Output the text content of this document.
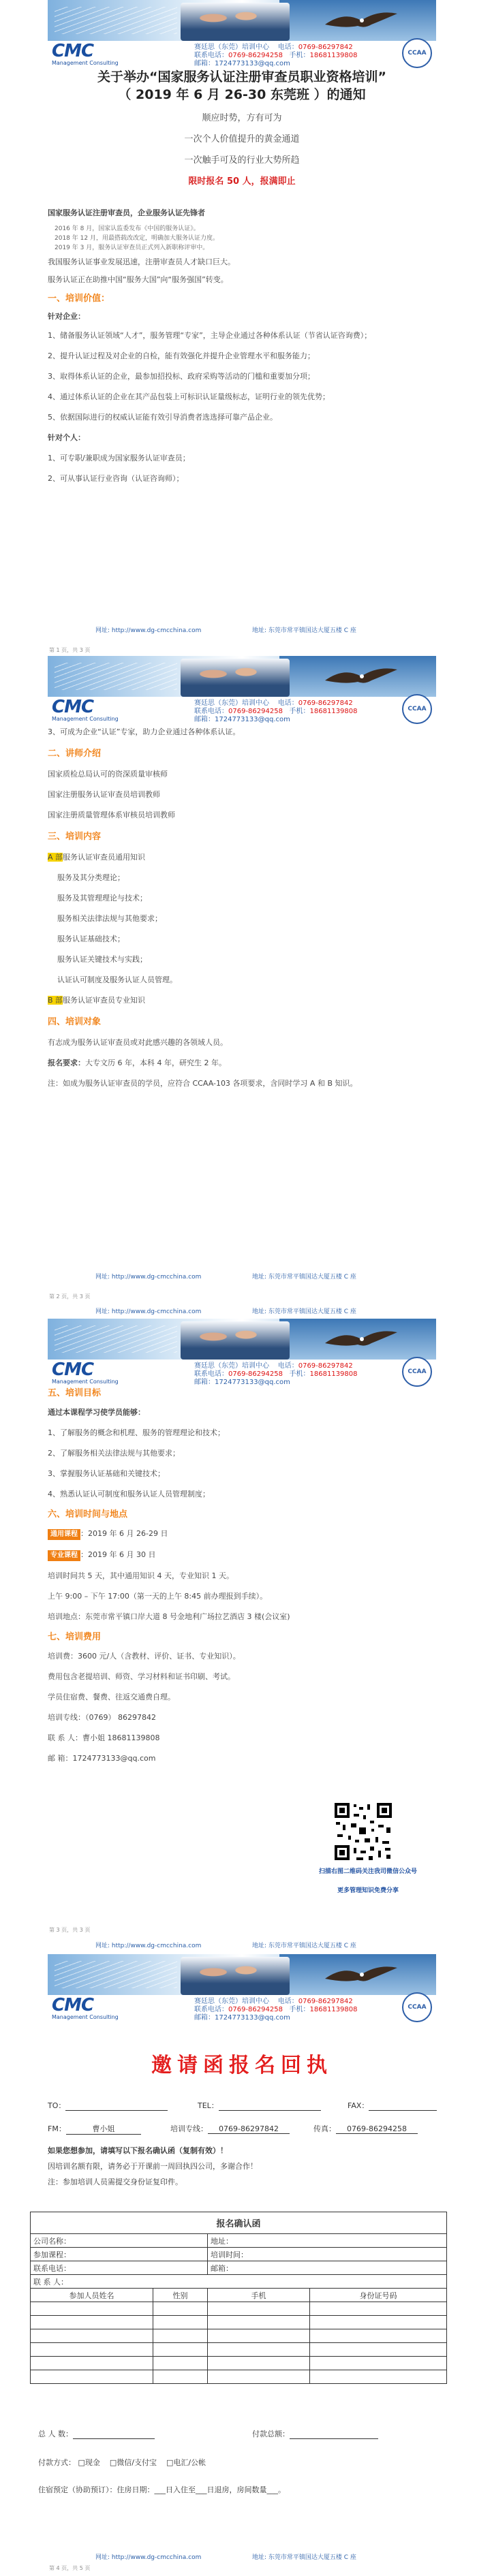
CMC
Management Consulting
赛廷思（东莞）培训中心 电话：0769-86297842
联系电话：0769-86294258 手机：18681139808
邮箱：1724773133@qq.com
CCAA
关于举办“国家服务认证注册审查员职业资格培训”
（ 2019 年 6 月 26-30 东莞班 ）的通知
顺应时势，方有可为
一次个人价值提升的黄金通道
一次触手可及的行业大势所趋
限时报名 50 人，报满即止
国家服务认证注册审查员，企业服务认证先锋者
2016 年 8 月，国家认监委发布《中国的服务认证》。
2018 年 12 月，用最搭载改改定，明确加大服务认证力度。
2019 年 3 月，服务认证审查员正式列入新职称评审中。
我国服务认证事业发展迅速，注册审查员人才缺口巨大。
服务认证正在助推中国“服务大国”向“服务强国”转变。
一、培训价值：
针对企业：
1、储备服务认证领域“人才”，服务管理“专家”，主导企业通过各种体系认证（节省认证咨询费）；
2、提升认证过程及对企业的自检，能有效强化并提升企业管理水平和服务能力；
3、取得体系认证的企业，最参加招投标、政府采购等活动的门槛和重要加分项；
4、通过体系认证的企业在其产品包装上可标识认证量级标志，证明行业的领先优势；
5、依据国际进行的权威认证能有效引导消费者选选择可靠产品企业。
针对个人：
1、可专职/兼职成为国家服务认证审查员；
2、可从事认证行业咨询（认证咨询师）；
网址: http://www.dg-cmcchina.com	地址: 东莞市常平镇国达大厦五楼 C 座
第 1 页，共 3 页
CMC
Management Consulting
赛廷思（东莞）培训中心 电话：0769-86297842
联系电话：0769-86294258 手机：18681139808
邮箱：1724773133@qq.com
CCAA
3、可成为企业“认证”专家，助力企业通过各种体系认证。
二、讲师介绍
国家质检总局认可的资深质量审核师
国家注册服务认证审查员培训教师
国家注册质量管理体系审核员培训教师
三、培训内容
A 部服务认证审查员通用知识
服务及其分类理论；
服务及其管理理论与技术；
服务相关法律法规与其他要求；
服务认证基础技术；
服务认证关键技术与实践；
认证认可制度及服务认证人员管理。
B 部服务认证审查员专业知识
四、培训对象
有志成为服务认证审查员或对此感兴趣的各领域人员。
报名要求：大专文历 6 年，本科 4 年，研究生 2 年。
注：如成为服务认证审查员的学员，应符合 CCAA-103 各项要求，含同时学习 A 和 B 知识。
网址: http://www.dg-cmcchina.com	地址: 东莞市常平镇国达大厦五楼 C 座
第 2 页，共 3 页
网址: http://www.dg-cmcchina.com	地址: 东莞市常平镇国达大厦五楼 C 座
CMC
Management Consulting
赛廷思（东莞）培训中心 电话：0769-86297842
联系电话：0769-86294258 手机：18681139808
邮箱：1724773133@qq.com
CCAA
五、培训目标
通过本课程学习使学员能够：
1、了解服务的概念和机理、服务的管理理论和技术；
2、了解服务相关法律法规与其他要求；
3、掌握服务认证基础和关键技术；
4、熟悉认证认可制度和服务认证人员管理制度；
六、培训时间与地点
通用课程 ：2019 年 6 月 26-29 日
专业课程 ：2019 年 6 月 30 日
培训时间共 5 天，其中通用知识 4 天，专业知识 1 天。
上午 9:00 – 下午 17:00（第一天的上午 8:45 前办理报到手续）。
培训地点：东莞市常平镇口岸大道 8 号金地利广场拉艺酒店 3 楼(会议室)
七、培训费用
培训费：3600 元/人（含教材、评价、证书、专业知识）。
费用包含老提培训、师资、学习材料和证书印刷、考试。
学员住宿费、餐费、往返交通费自理。
培训专线：（0769） 86297842
联 系 人：曹小姐 18681139808
邮 箱：1724773133@qq.com
扫描右图二维码关注我司微信公众号
更多管理知识免费分享
第 3 页，共 3 页
网址: http://www.dg-cmcchina.com	地址: 东莞市常平镇国达大厦五楼 C 座
CMC
Management Consulting
赛廷思（东莞）培训中心 电话：0769-86297842
联系电话：0769-86294258 手机：18681139808
邮箱：1724773133@qq.com
CCAA
邀请函报名回执
TO：	TEL：	FAX：
FM：	曹小姐	培训专线： 0769-86297842	传真： 0769-86294258
如果您想参加，请填写以下报名确认函（复制有效）！
因培训名额有限，请务必于开课前一周回执四公司，多谢合作！
注：参加培训人员需提交身份证复印件。
报名确认函			
公司名称：		地址：	
参加课程：		培训时间：	
联系电话：		邮箱：	
联 系 人：			
参加人员姓名	性别	手机	身份证号码

总 人 数：	付款总额：
付款方式： □现金 □微信/支付宝 □电汇/公帐
住宿预定（协助预订）：住房日期：___日入住至___日退房，房间数量___。
网址: http://www.dg-cmcchina.com	地址: 东莞市常平镇国达大厦五楼 C 座
第 4 页，共 5 页
